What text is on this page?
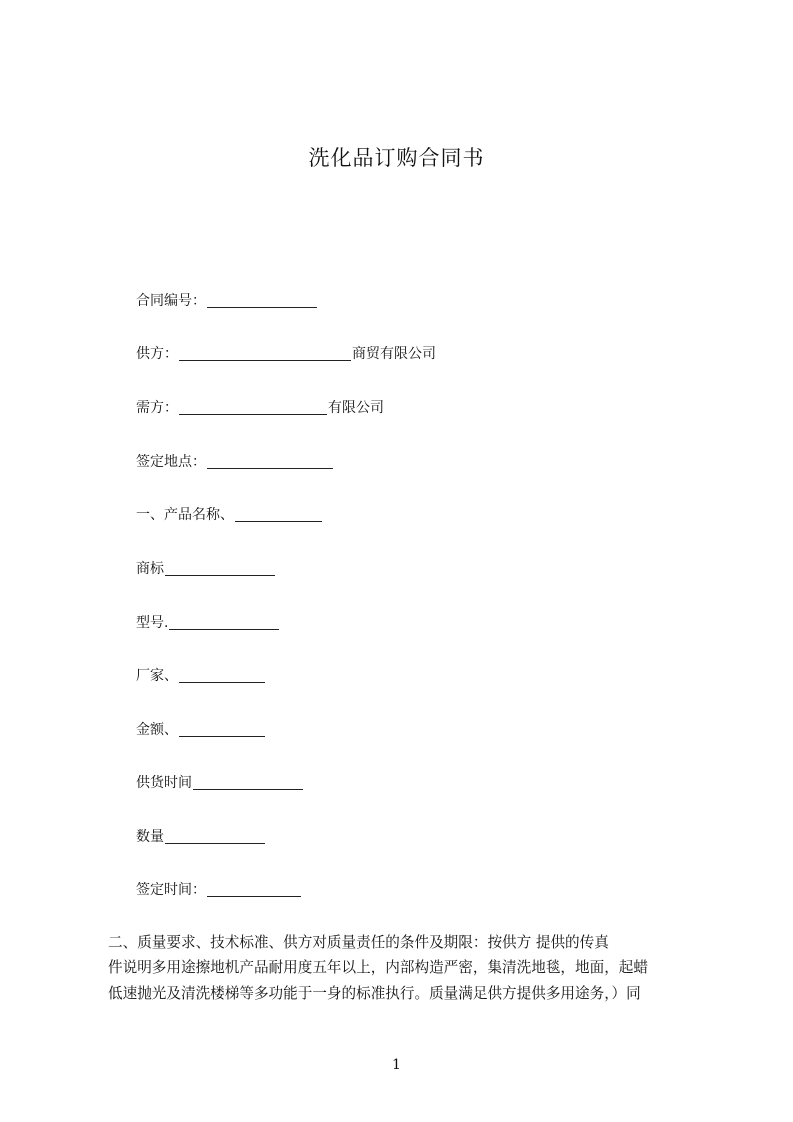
洗化品订购合同书
合同编号：
供方：	商贸有限公司
需方：	有限公司
签定地点：
一、产品名称、
商标
型号.
厂家、
金额、
供货时间
数量
签定时间：
二、质量要求、技术标准、供方对质量责任的条件及期限：按供方 提供的传真
件说明多用途擦地机产品耐用度五年以上，内部构造严密，集清洗地毯，地面，起蜡
低速抛光及清洗楼梯等多功能于一身的标准执行。质量满足供方提供多用途务，）同
1
